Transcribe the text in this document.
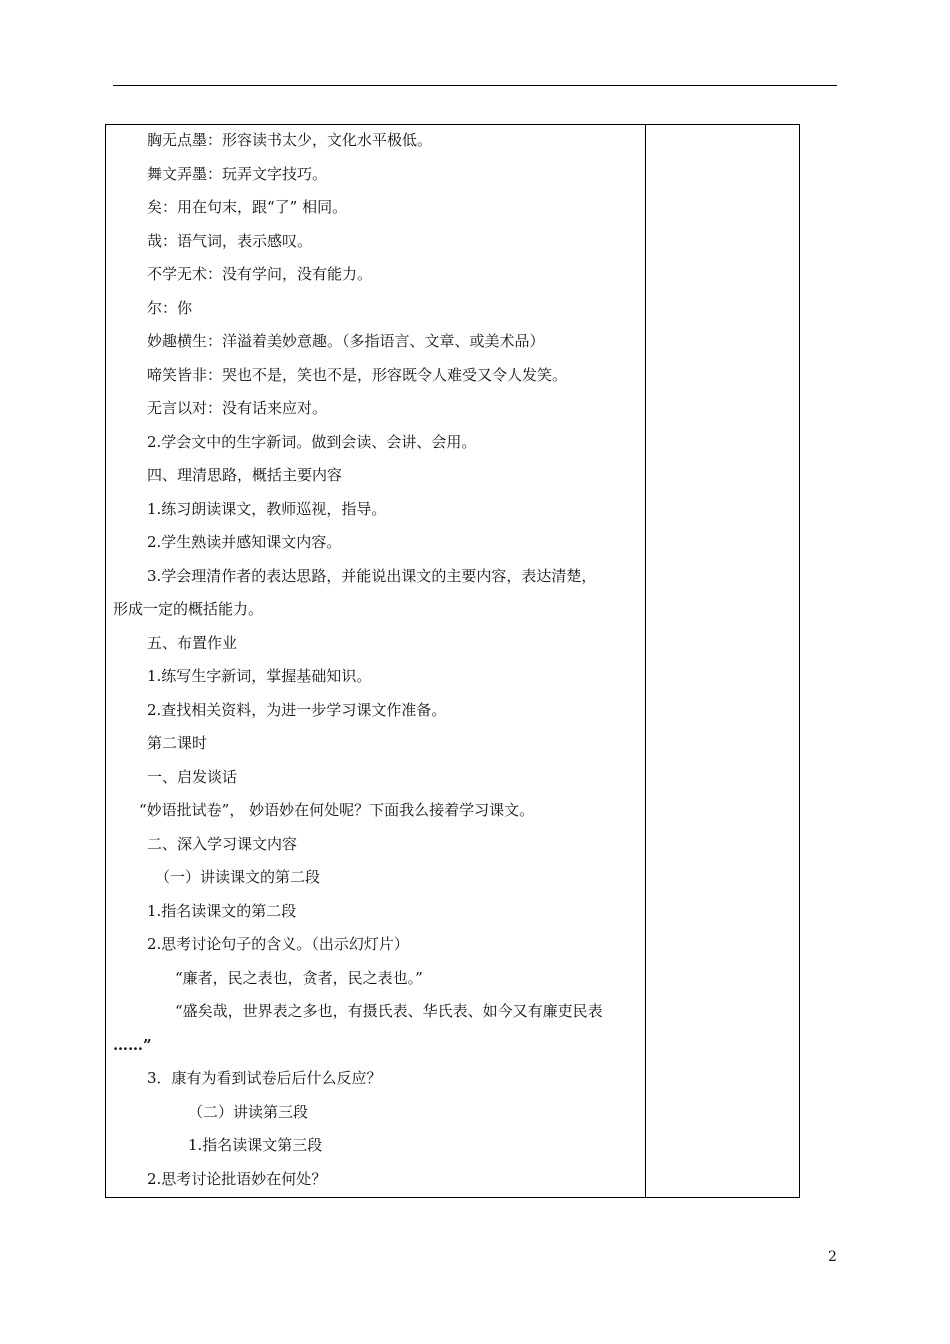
胸无点墨：形容读书太少，文化水平极低。
舞文弄墨：玩弄文字技巧。
矣：用在句末，跟“了” 相同。
哉：语气词，表示感叹。
不学无术：没有学问，没有能力。
尔：你
妙趣横生：洋溢着美妙意趣。（多指语言、文章、或美术品）
啼笑皆非：哭也不是，笑也不是，形容既令人难受又令人发笑。
无言以对：没有话来应对。
2.学会文中的生字新词。做到会读、会讲、会用。
四、理清思路，概括主要内容
1.练习朗读课文，教师巡视，指导。
2.学生熟读并感知课文内容。
3.学会理清作者的表达思路，并能说出课文的主要内容，表达清楚，
形成一定的概括能力。
五、布置作业
1.练写生字新词，掌握基础知识。
2.查找相关资料，为进一步学习课文作准备。
第二课时
一、启发谈话
“妙语批试卷”， 妙语妙在何处呢？下面我么接着学习课文。
二、深入学习课文内容
（一）讲读课文的第二段
1.指名读课文的第二段
2.思考讨论句子的含义。（出示幻灯片）
“廉者，民之表也，贪者，民之表也。”
“盛矣哉，世界表之多也，有摄氏表、华氏表、如今又有廉吏民表
……”
3．康有为看到试卷后后什么反应？
（二）讲读第三段
1.指名读课文第三段
2.思考讨论批语妙在何处？
2
